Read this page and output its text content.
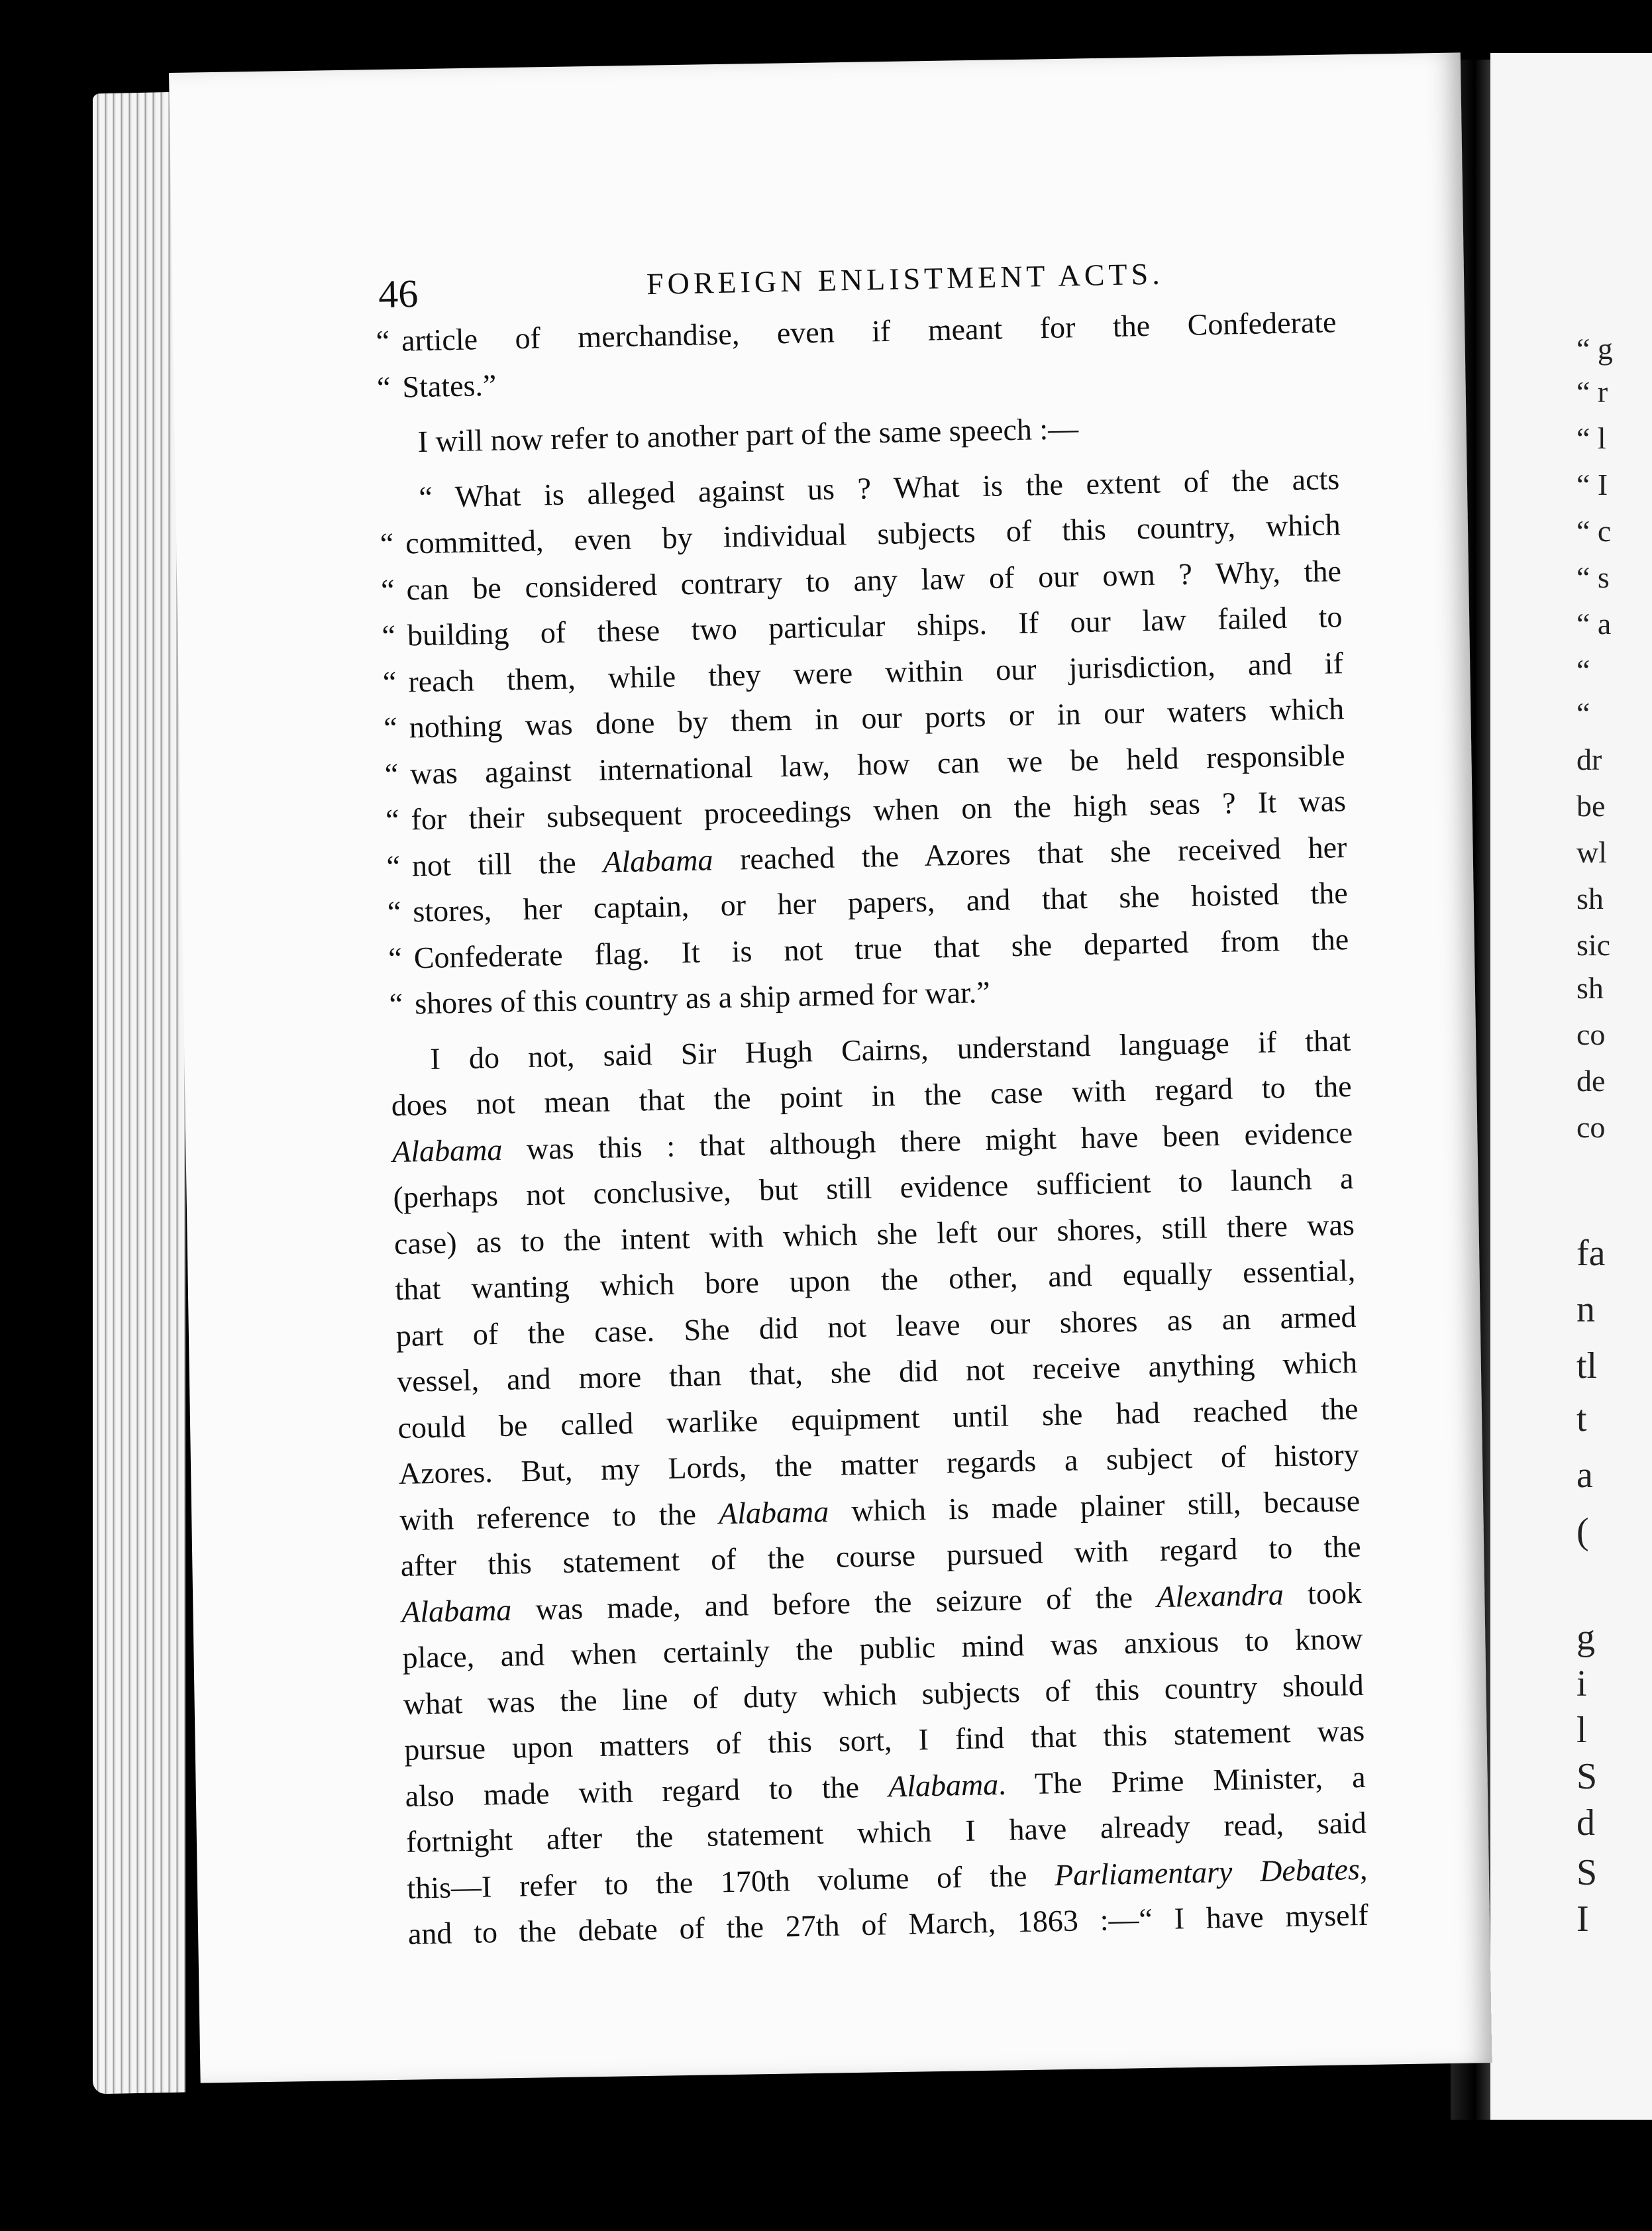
“ g
“ r
“ l
“ I
“ c
“ s
“ a
“
“
dr
be
wl
sh
sic
sh
co
de
co
fa
n
tl
t
a
(
g
i
l
S
d
S
I
46	FOREIGN ENLISTMENT ACTS.
“ article of merchandise, even if meant for the Confederate
“ States.”
I will now refer to another part of the same speech :—
“ What is alleged against us ? What is the extent of the acts
“ committed, even by individual subjects of this country, which
“ can be considered contrary to any law of our own ? Why, the
“ building of these two particular ships. If our law failed to
“ reach them, while they were within our jurisdiction, and if
“ nothing was done by them in our ports or in our waters which
“ was against international law, how can we be held responsible
“ for their subsequent proceedings when on the high seas ? It was
“ not till the Alabama reached the Azores that she received her
“ stores, her captain, or her papers, and that she hoisted the
“ Confederate flag. It is not true that she departed from the
“ shores of this country as a ship armed for war.”
I do not, said Sir Hugh Cairns, understand language if that
does not mean that the point in the case with regard to the
Alabama was this : that although there might have been evidence
(perhaps not conclusive, but still evidence sufficient to launch a
case) as to the intent with which she left our shores, still there was
that wanting which bore upon the other, and equally essential,
part of the case. She did not leave our shores as an armed
vessel, and more than that, she did not receive anything which
could be called warlike equipment until she had reached the
Azores. But, my Lords, the matter regards a subject of history
with reference to the Alabama which is made plainer still, because
after this statement of the course pursued with regard to the
Alabama was made, and before the seizure of the Alexandra took
place, and when certainly the public mind was anxious to know
what was the line of duty which subjects of this country should
pursue upon matters of this sort, I find that this statement was
also made with regard to the Alabama. The Prime Minister, a
fortnight after the statement which I have already read, said
this—I refer to the 170th volume of the Parliamentary Debates,
and to the debate of the 27th of March, 1863 :—“ I have myself
